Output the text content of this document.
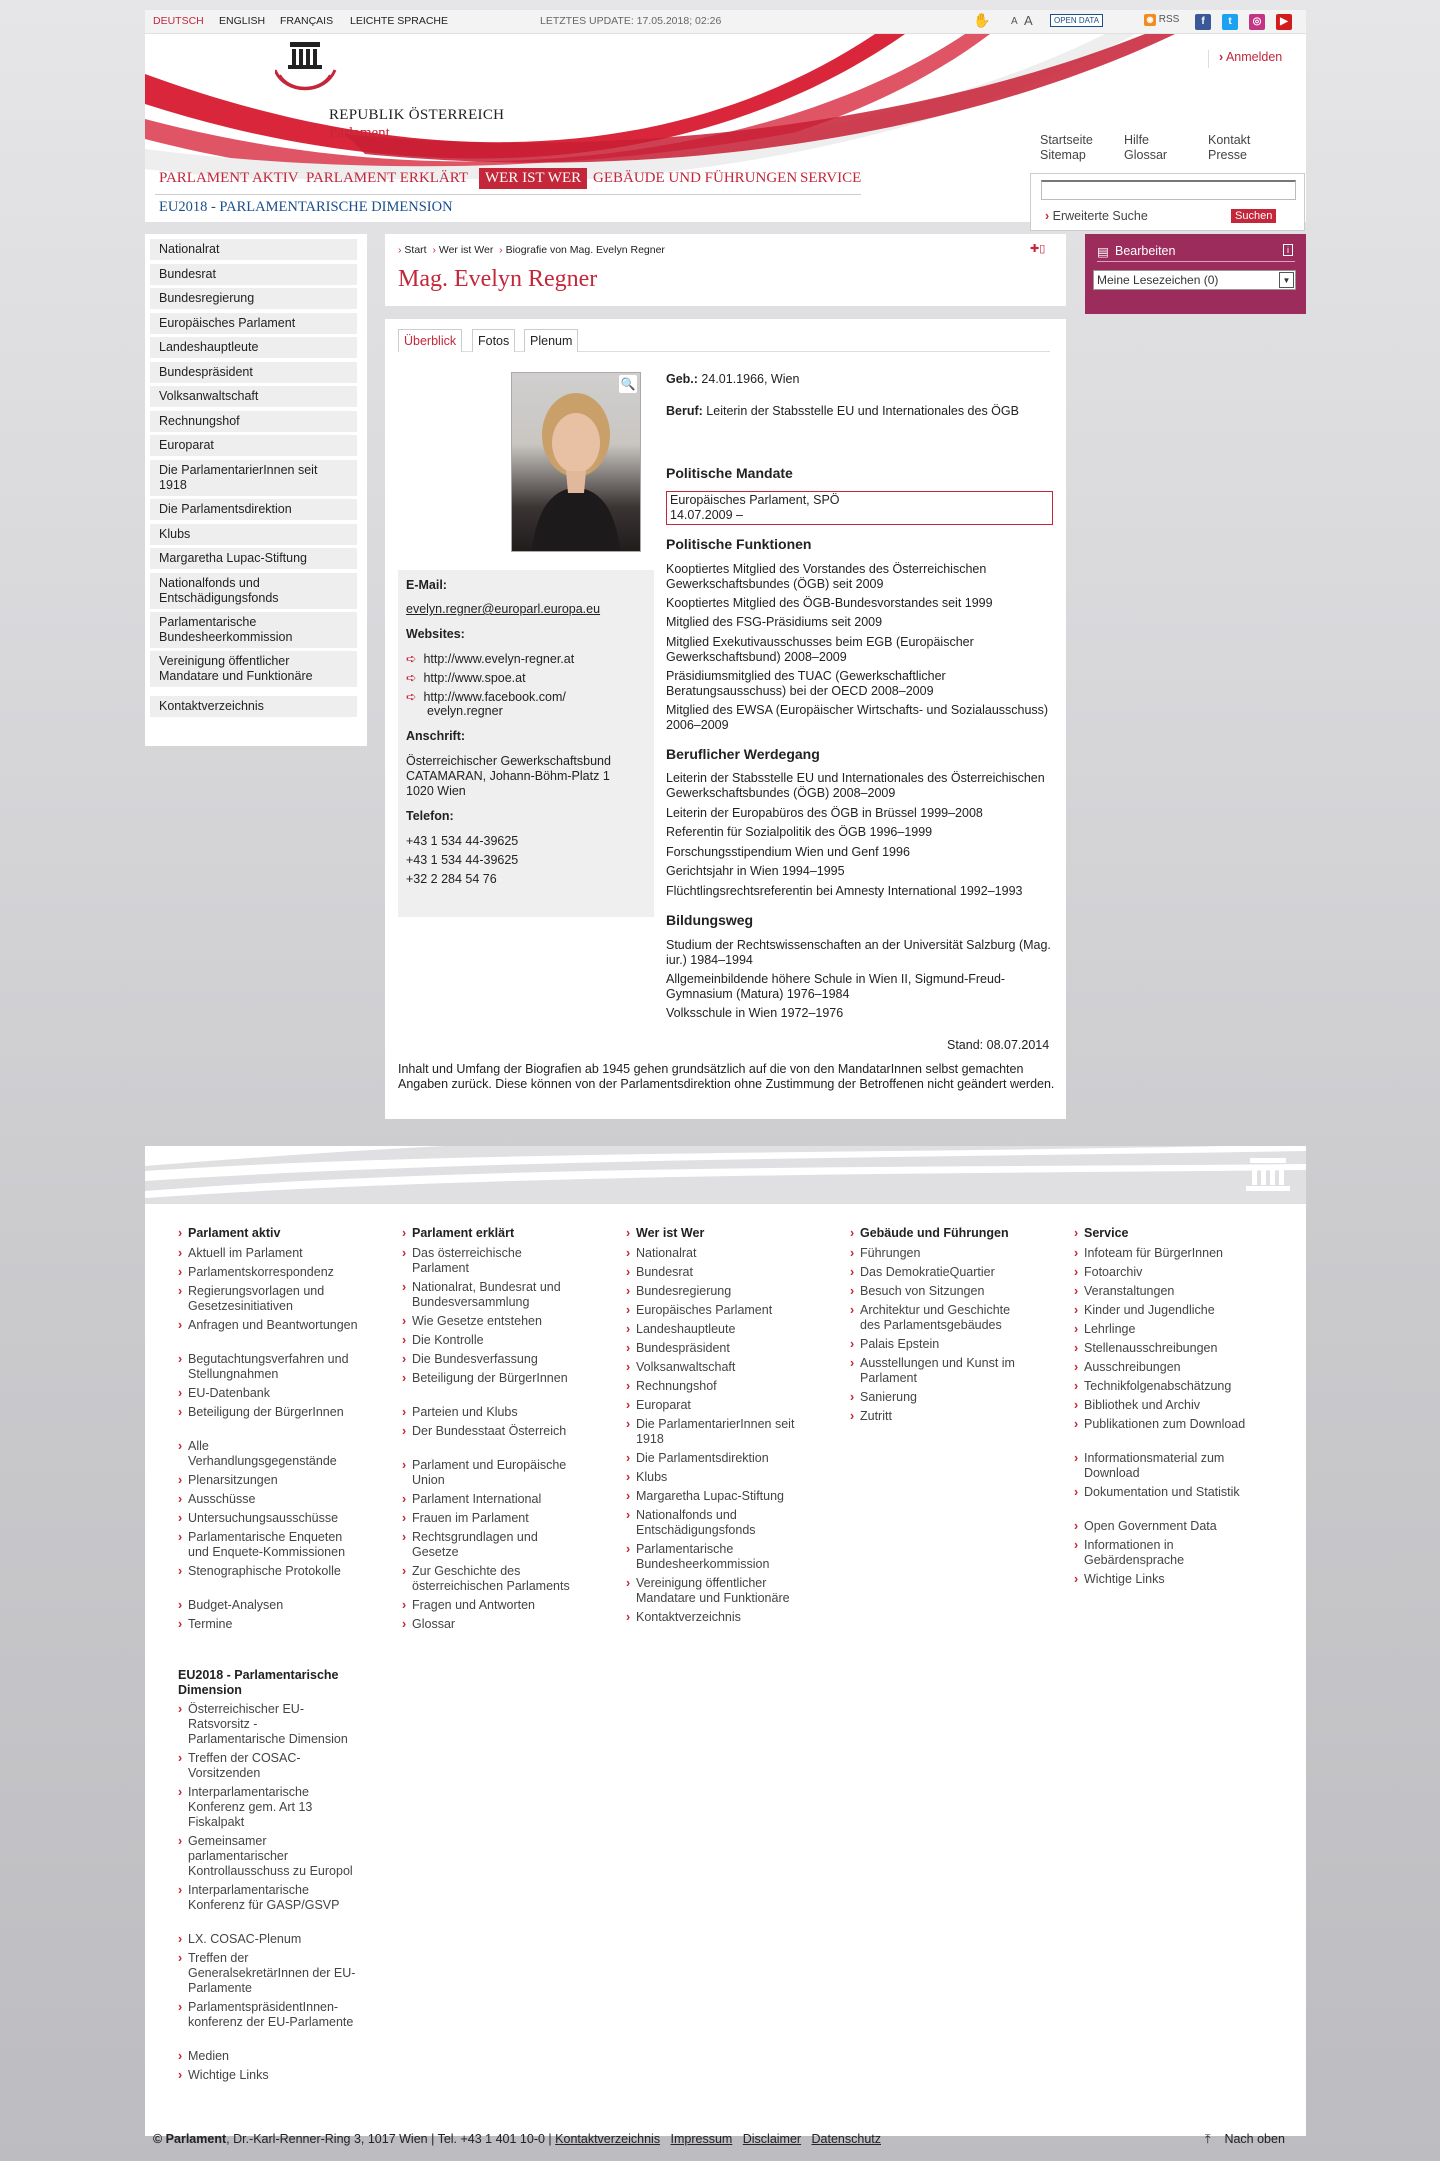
DEUTSCH ENGLISH FRANÇAIS LEICHTE SPRACHE	LETZTES UPDATE: 17.05.2018; 02:26	✋ A A	OPEN DATA	◉ RSS	f	t	◎	▶
REPUBLIK ÖSTERREICH
Parlament
› Anmelden
Startseite
Sitemap
Hilfe
Glossar
Kontakt
Presse
PARLAMENT AKTIV PARLAMENT ERKLÄRT	WER IST WER GEBÄUDE UND FÜHRUNGEN SERVICE
EU2018 - PARLAMENTARISCHE DIMENSION
› Erweiterte Suche	Suchen
Nationalrat
Bundesrat
Bundesregierung
Europäisches Parlament
Landeshauptleute
Bundespräsident
Volksanwaltschaft
Rechnungshof
Europarat
Die ParlamentarierInnen seit 1918
Die Parlamentsdirektion
Klubs
Margaretha Lupac-Stiftung
Nationalfonds und Entschädigungsfonds
Parlamentarische Bundesheerkommission
Vereinigung öffentlicher Mandatare und Funktionäre
Kontaktverzeichnis
› Start › Wer ist Wer › Biografie von Mag. Evelyn Regner	✚▯
Mag. Evelyn Regner
Überblick	Fotos	Plenum
🔍
E-Mail:
evelyn.regner@europarl.europa.eu
Websites:
➪ http://www.evelyn-regner.at
➪ http://www.spoe.at
➪ http://www.facebook.com/
evelyn.regner
Anschrift:
Österreichischer Gewerkschaftsbund
CATAMARAN, Johann-Böhm-Platz 1
1020 Wien
Telefon:
+43 1 534 44-39625
+43 1 534 44-39625
+32 2 284 54 76
Geb.: 24.01.1966, Wien
Beruf: Leiterin der Stabsstelle EU und Internationales des ÖGB
Politische Mandate
Europäisches Parlament, SPÖ
14.07.2009 –
Politische Funktionen
Kooptiertes Mitglied des Vorstandes des Österreichischen Gewerkschaftsbundes (ÖGB) seit 2009
Kooptiertes Mitglied des ÖGB-Bundesvorstandes seit 1999
Mitglied des FSG-Präsidiums seit 2009
Mitglied Exekutivausschusses beim EGB (Europäischer Gewerkschaftsbund) 2008–2009
Präsidiumsmitglied des TUAC (Gewerkschaftlicher Beratungsausschuss) bei der OECD 2008–2009
Mitglied des EWSA (Europäischer Wirtschafts- und Sozialausschuss) 2006–2009
Beruflicher Werdegang
Leiterin der Stabsstelle EU und Internationales des Österreichischen Gewerkschaftsbundes (ÖGB) 2008–2009
Leiterin der Europabüros des ÖGB in Brüssel 1999–2008
Referentin für Sozialpolitik des ÖGB 1996–1999
Forschungsstipendium Wien und Genf 1996
Gerichtsjahr in Wien 1994–1995
Flüchtlingsrechtsreferentin bei Amnesty International 1992–1993
Bildungsweg
Studium der Rechtswissenschaften an der Universität Salzburg (Mag. iur.) 1984–1994
Allgemeinbildende höhere Schule in Wien II, Sigmund-Freud-Gymnasium (Matura) 1976–1984
Volksschule in Wien 1972–1976
Stand: 08.07.2014
Inhalt und Umfang der Biografien ab 1945 gehen grundsätzlich auf die von den MandatarInnen selbst gemachten Angaben zurück. Diese können von der Parlamentsdirektion ohne Zustimmung der Betroffenen nicht geändert werden.
▤ Bearbeiten	i
Meine Lesezeichen (0)	▼
› Parlament aktiv
› Aktuell im Parlament
› Parlamentskorrespondenz
› Regierungsvorlagen und Gesetzesinitiativen
› Anfragen und Beantwortungen
› Begutachtungsverfahren und Stellungnahmen
› EU-Datenbank
› Beteiligung der BürgerInnen
› Alle Verhandlungsgegenstände
› Plenarsitzungen
› Ausschüsse
› Untersuchungsausschüsse
› Parlamentarische Enqueten und Enquete-Kommissionen
› Stenographische Protokolle
› Budget-Analysen
› Termine
› Parlament erklärt
› Das österreichische Parlament
› Nationalrat, Bundesrat und Bundesversammlung
› Wie Gesetze entstehen
› Die Kontrolle
› Die Bundesverfassung
› Beteiligung der BürgerInnen
› Parteien und Klubs
› Der Bundesstaat Österreich
› Parlament und Europäische Union
› Parlament International
› Frauen im Parlament
› Rechtsgrundlagen und Gesetze
› Zur Geschichte des österreichischen Parlaments
› Fragen und Antworten
› Glossar
› Wer ist Wer
› Nationalrat
› Bundesrat
› Bundesregierung
› Europäisches Parlament
› Landeshauptleute
› Bundespräsident
› Volksanwaltschaft
› Rechnungshof
› Europarat
› Die ParlamentarierInnen seit 1918
› Die Parlamentsdirektion
› Klubs
› Margaretha Lupac-Stiftung
› Nationalfonds und Entschädigungsfonds
› Parlamentarische Bundesheerkommission
› Vereinigung öffentlicher Mandatare und Funktionäre
› Kontaktverzeichnis
› Gebäude und Führungen
› Führungen
› Das DemokratieQuartier
› Besuch von Sitzungen
› Architektur und Geschichte des Parlamentsgebäudes
› Palais Epstein
› Ausstellungen und Kunst im Parlament
› Sanierung
› Zutritt
› Service
› Infoteam für BürgerInnen
› Fotoarchiv
› Veranstaltungen
› Kinder und Jugendliche
› Lehrlinge
› Stellenausschreibungen
› Ausschreibungen
› Technikfolgenabschätzung
› Bibliothek und Archiv
› Publikationen zum Download
› Informationsmaterial zum Download
› Dokumentation und Statistik
› Open Government Data
› Informationen in Gebärdensprache
› Wichtige Links
EU2018 - Parlamentarische Dimension
› Österreichischer EU-Ratsvorsitz - Parlamentarische Dimension
› Treffen der COSAC-Vorsitzenden
› Interparlamentarische Konferenz gem. Art 13 Fiskalpakt
› Gemeinsamer parlamentarischer Kontrollausschuss zu Europol
› Interparlamentarische Konferenz für GASP/GSVP
› LX. COSAC-Plenum
› Treffen der GeneralsekretärInnen der EU-Parlamente
› ParlamentspräsidentInnen-konferenz der EU-Parlamente
› Medien
› Wichtige Links
© Parlament, Dr.-Karl-Renner-Ring 3, 1017 Wien | Tel. +43 1 401 10-0 | Kontaktverzeichnis Impressum Disclaimer Datenschutz	⤒ Nach oben
